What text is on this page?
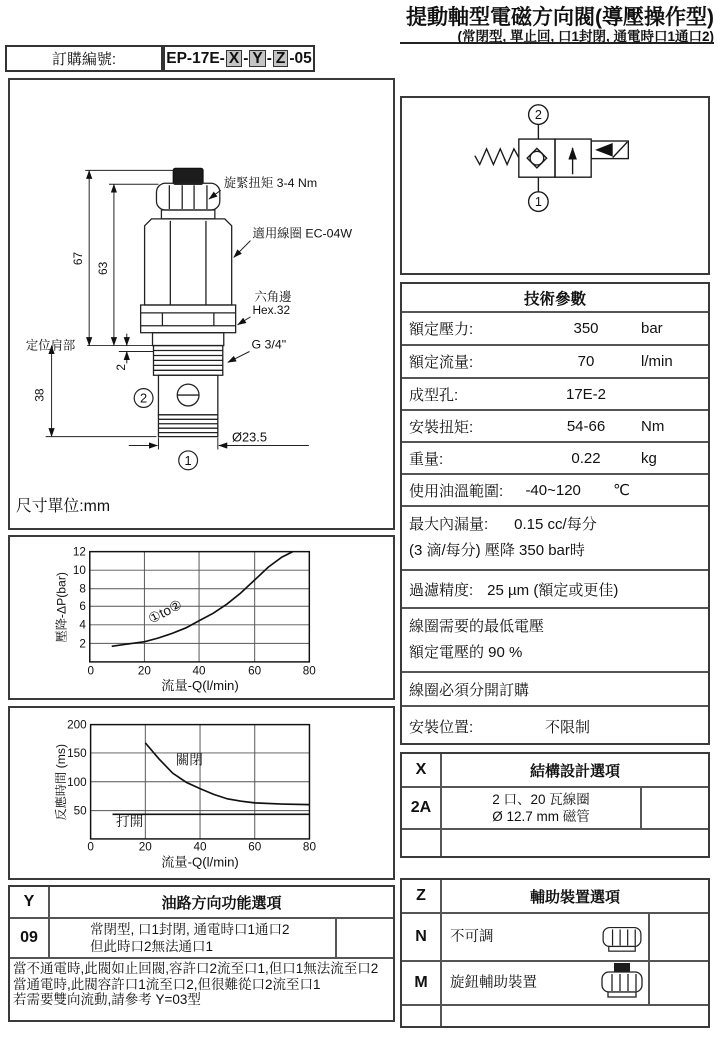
提動軸型電磁方向閥(導壓操作型)
(常閉型, 單止回, 口1封閉, 通電時口1通口2)
訂購編號:	EP-17E- X - Y - Z -05
2
1
旋緊扭矩 3-4 Nm
適用線圈 EC-04W
六角邊
Hex.32
G 3/4"
定位肩部
67
63
2
38
Ø23.5
尺寸單位:mm
2
1
技術參數
額定壓力:	350	bar
額定流量:	70	l/min
成型孔:	17E-2
安裝扭矩:	54-66	Nm
重量:	0.22	kg
使用油溫範圍:	-40~120	℃
最大內漏量: 0.15 cc/每分
(3 滴/每分) 壓降 350 bar時
過濾精度: 25 µm (額定或更佳)
線圈需要的最低電壓
額定電壓的 90 %
線圈必須分開訂購
安裝位置:	不限制
12
10
8
6
4
2
0	20	40	60	80
壓降-ΔP(bar)
流量-Q(l/min)
①to②
200
150
100
50
0	20	40	60	80
反應時間 (ms)
流量-Q(l/min)
關閉
打開
Y	油路方向功能選項
09	常閉型, 口1封閉, 通電時口1通口2
但此時口2無法通口1
當不通電時,此閥如止回閥,容許口2流至口1,但口1無法流至口2
當通電時,此閥容許口1流至口2,但很難從口2流至口1
若需要雙向流動,請參考 Y=03型
X	結構設計選項
2A	2 口、20 瓦線圈
Ø 12.7 mm 磁管
Z	輔助裝置選項
N	不可調
M	旋鈕輔助裝置
